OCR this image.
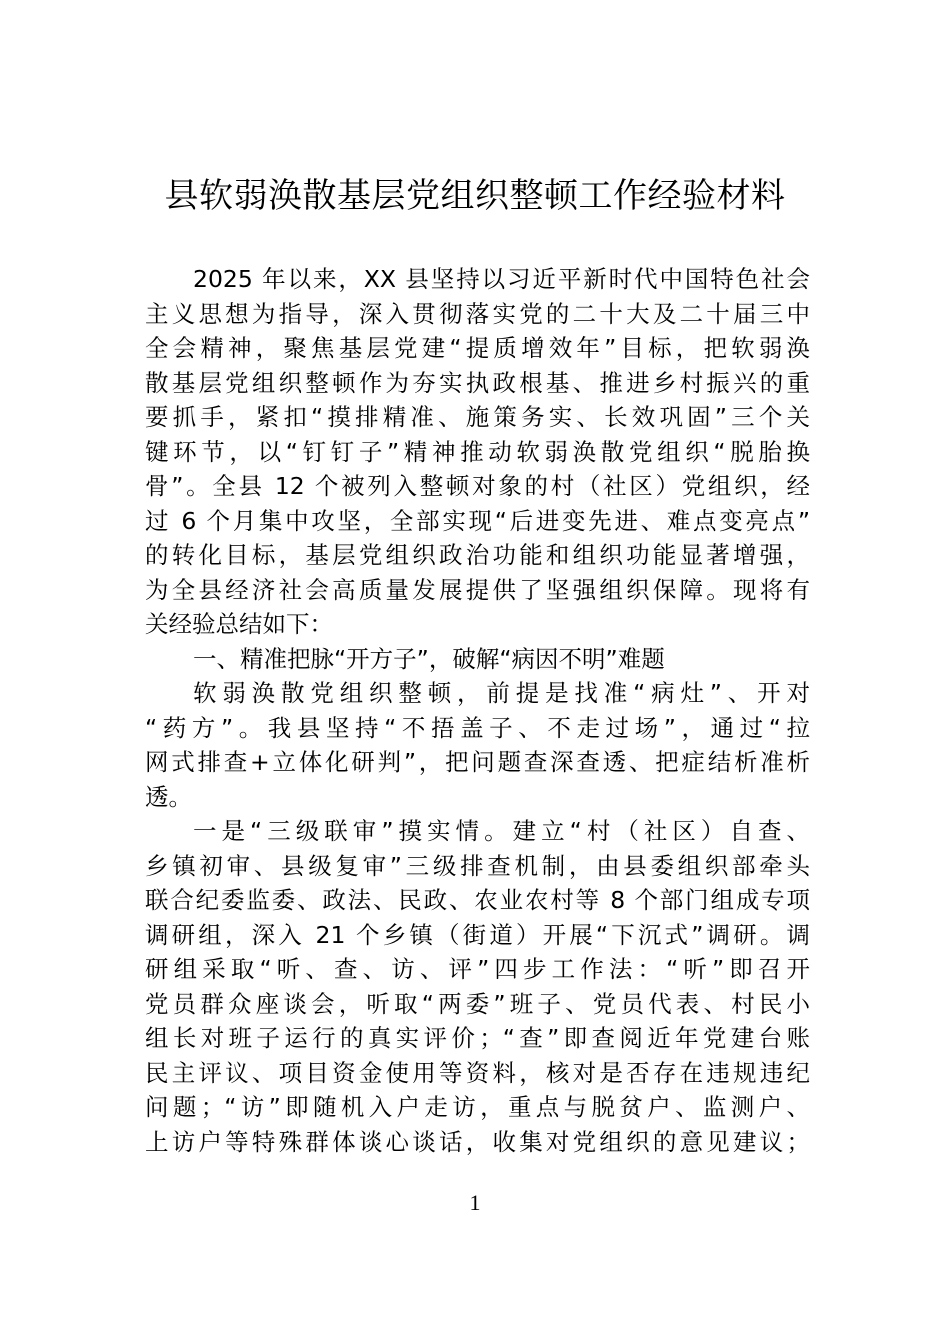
县软弱涣散基层党组织整顿工作经验材料
2025 年以来，XX 县坚持以习近平新时代中国特色社会
主义思想为指导，深入贯彻落实党的二十大及二十届三中
全会精神，聚焦基层党建“提质增效年”目标，把软弱涣
散基层党组织整顿作为夯实执政根基、推进乡村振兴的重
要抓手，紧扣“摸排精准、施策务实、长效巩固”三个关
键环节，以“钉钉子”精神推动软弱涣散党组织“脱胎换
骨”。全县 12 个被列入整顿对象的村（社区）党组织，经
过 6 个月集中攻坚，全部实现“后进变先进、难点变亮点”
的转化目标，基层党组织政治功能和组织功能显著增强，
为全县经济社会高质量发展提供了坚强组织保障。现将有
关经验总结如下：
一、精准把脉“开方子”，破解“病因不明”难题
软弱涣散党组织整顿，前提是找准“病灶”、开对
“药方”。我县坚持“不捂盖子、不走过场”，通过“拉
网式排查+立体化研判”，把问题查深查透、把症结析准析
透。
一是“三级联审”摸实情。建立“村（社区）自查、
乡镇初审、县级复审”三级排查机制，由县委组织部牵头
联合纪委监委、政法、民政、农业农村等 8 个部门组成专项
调研组，深入 21 个乡镇（街道）开展“下沉式”调研。调
研组采取“听、查、访、评”四步工作法：“听”即召开
党员群众座谈会，听取“两委”班子、党员代表、村民小
组长对班子运行的真实评价；“查”即查阅近年党建台账
民主评议、项目资金使用等资料，核对是否存在违规违纪
问题；“访”即随机入户走访，重点与脱贫户、监测户、
上访户等特殊群体谈心谈话，收集对党组织的意见建议；
1
